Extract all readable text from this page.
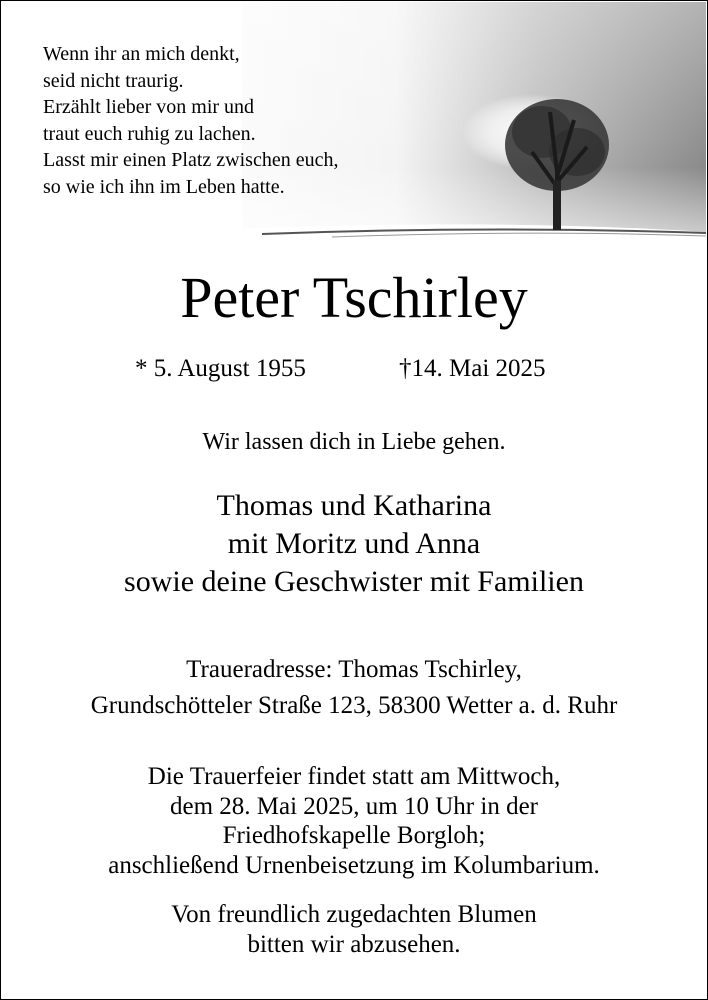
Wenn ihr an mich denkt,
seid nicht traurig.
Erzählt lieber von mir und
traut euch ruhig zu lachen.
Lasst mir einen Platz zwischen euch,
so wie ich ihn im Leben hatte.

Peter Tschirley
* 5. August 1955	†14. Mai 2025

Wir lassen dich in Liebe gehen.

Thomas und Katharina
mit Moritz und Anna
sowie deine Geschwister mit Familien

Traueradresse: Thomas Tschirley,
Grundschötteler Straße 123, 58300 Wetter a. d. Ruhr

Die Trauerfeier findet statt am Mittwoch,
dem 28. Mai 2025, um 10 Uhr in der
Friedhofskapelle Borgloh;
anschließend Urnenbeisetzung im Kolumbarium.

Von freundlich zugedachten Blumen
bitten wir abzusehen.
